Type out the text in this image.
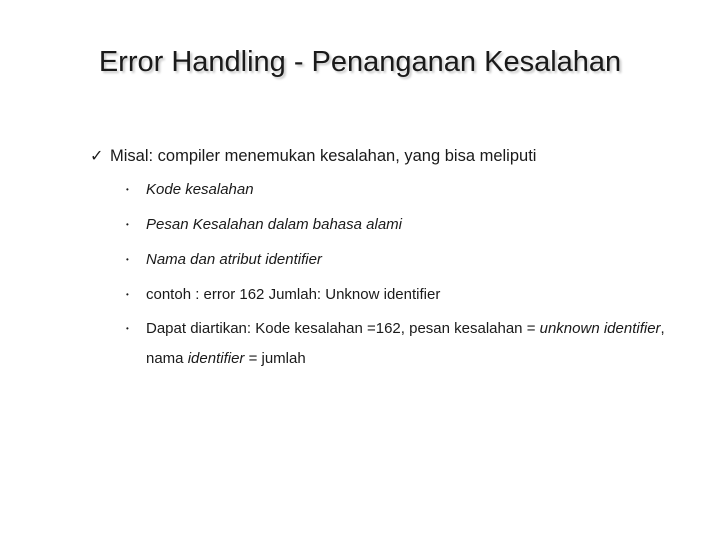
Error Handling - Penanganan Kesalahan
✓ Misal: compiler menemukan kesalahan, yang bisa meliputi
• Kode kesalahan
• Pesan Kesalahan dalam bahasa alami
• Nama dan atribut identifier
• contoh : error 162 Jumlah: Unknow identifier
• Dapat diartikan: Kode kesalahan =162, pesan kesalahan = unknown identifier, nama identifier = jumlah
